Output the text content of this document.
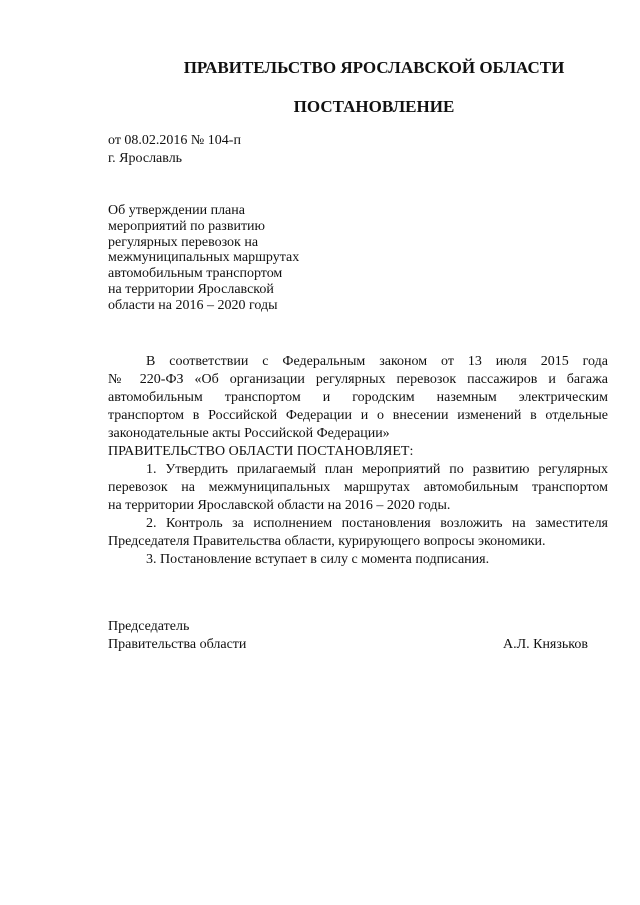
ПРАВИТЕЛЬСТВО ЯРОСЛАВСКОЙ ОБЛАСТИ
ПОСТАНОВЛЕНИЕ
от 08.02.2016 № 104-п
г. Ярославль
Об утверждении плана
мероприятий по развитию
регулярных перевозок на
межмуниципальных маршрутах
автомобильным транспортом
на территории Ярославской
области на 2016 – 2020 годы

В соответствии с Федеральным законом от 13 июля 2015 года

№ 220-ФЗ «Об организации регулярных перевозок пассажиров и багажа

автомобильным транспортом и городским наземным электрическим

транспортом в Российской Федерации и о внесении изменений в отдельные

законодательные акты Российской Федерации»

ПРАВИТЕЛЬСТВО ОБЛАСТИ ПОСТАНОВЛЯЕТ:

1. Утвердить прилагаемый план мероприятий по развитию регулярных

перевозок на межмуниципальных маршрутах автомобильным транспортом

на территории Ярославской области на 2016 – 2020 годы.

2. Контроль за исполнением постановления возложить на заместителя

Председателя Правительства области, курирующего вопросы экономики.

3. Постановление вступает в силу с момента подписания.

Председатель
Правительства области	А.Л. Князьков
